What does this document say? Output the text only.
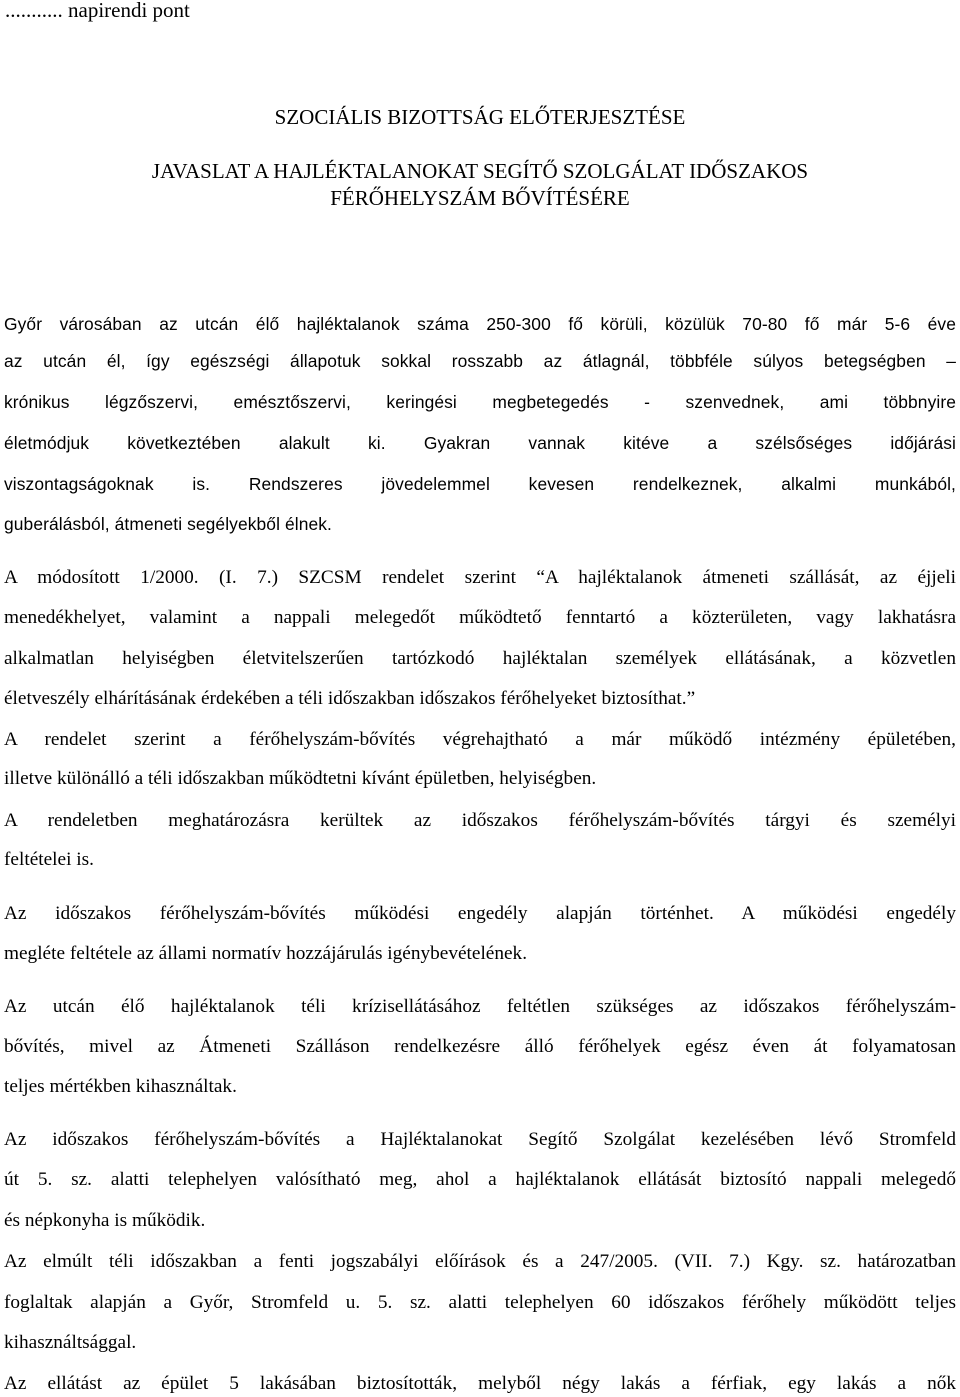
........... napirendi pont
SZOCIÁLIS BIZOTTSÁG ELŐTERJESZTÉSE
JAVASLAT A HAJLÉKTALANOKAT SEGÍTŐ SZOLGÁLAT IDŐSZAKOS
FÉRŐHELYSZÁM BŐVÍTÉSÉRE
Győr városában az utcán élő hajléktalanok száma 250-300 fő körüli, közülük 70-80 fő már 5-6 éve
az utcán él, így egészségi állapotuk sokkal rosszabb az átlagnál, többféle súlyos betegségben –
krónikus légzőszervi, emésztőszervi, keringési megbetegedés - szenvednek, ami többnyire
életmódjuk következtében alakult ki. Gyakran vannak kitéve a szélsőséges időjárási
viszontagságoknak is. Rendszeres jövedelemmel kevesen rendelkeznek, alkalmi munkából,
guberálásból, átmeneti segélyekből élnek.
A módosított 1/2000. (I. 7.) SZCSM rendelet szerint “A hajléktalanok átmeneti szállását, az éjjeli
menedékhelyet, valamint a nappali melegedőt működtető fenntartó a közterületen, vagy lakhatásra
alkalmatlan helyiségben életvitelszerűen tartózkodó hajléktalan személyek ellátásának, a közvetlen
életveszély elhárításának érdekében a téli időszakban időszakos férőhelyeket biztosíthat.”
A rendelet szerint a férőhelyszám-bővítés végrehajtható a már működő intézmény épületében,
illetve különálló a téli időszakban működtetni kívánt épületben, helyiségben.
A rendeletben meghatározásra kerültek az időszakos férőhelyszám-bővítés tárgyi és személyi
feltételei is.
Az időszakos férőhelyszám-bővítés működési engedély alapján történhet. A működési engedély
megléte feltétele az állami normatív hozzájárulás igénybevételének.
Az utcán élő hajléktalanok téli krízisellátásához feltétlen szükséges az időszakos férőhelyszám-
bővítés, mivel az Átmeneti Szálláson rendelkezésre álló férőhelyek egész éven át folyamatosan
teljes mértékben kihasználtak.
Az időszakos férőhelyszám-bővítés a Hajléktalanokat Segítő Szolgálat kezelésében lévő Stromfeld
út 5. sz. alatti telephelyen valósítható meg, ahol a hajléktalanok ellátását biztosító nappali melegedő
és népkonyha is működik.
Az elmúlt téli időszakban a fenti jogszabályi előírások és a 247/2005. (VII. 7.) Kgy. sz. határozatban
foglaltak alapján a Győr, Stromfeld u. 5. sz. alatti telephelyen 60 időszakos férőhely működött teljes
kihasználtsággal.
Az ellátást az épület 5 lakásában biztosították, melyből négy lakás a férfiak, egy lakás a nők
